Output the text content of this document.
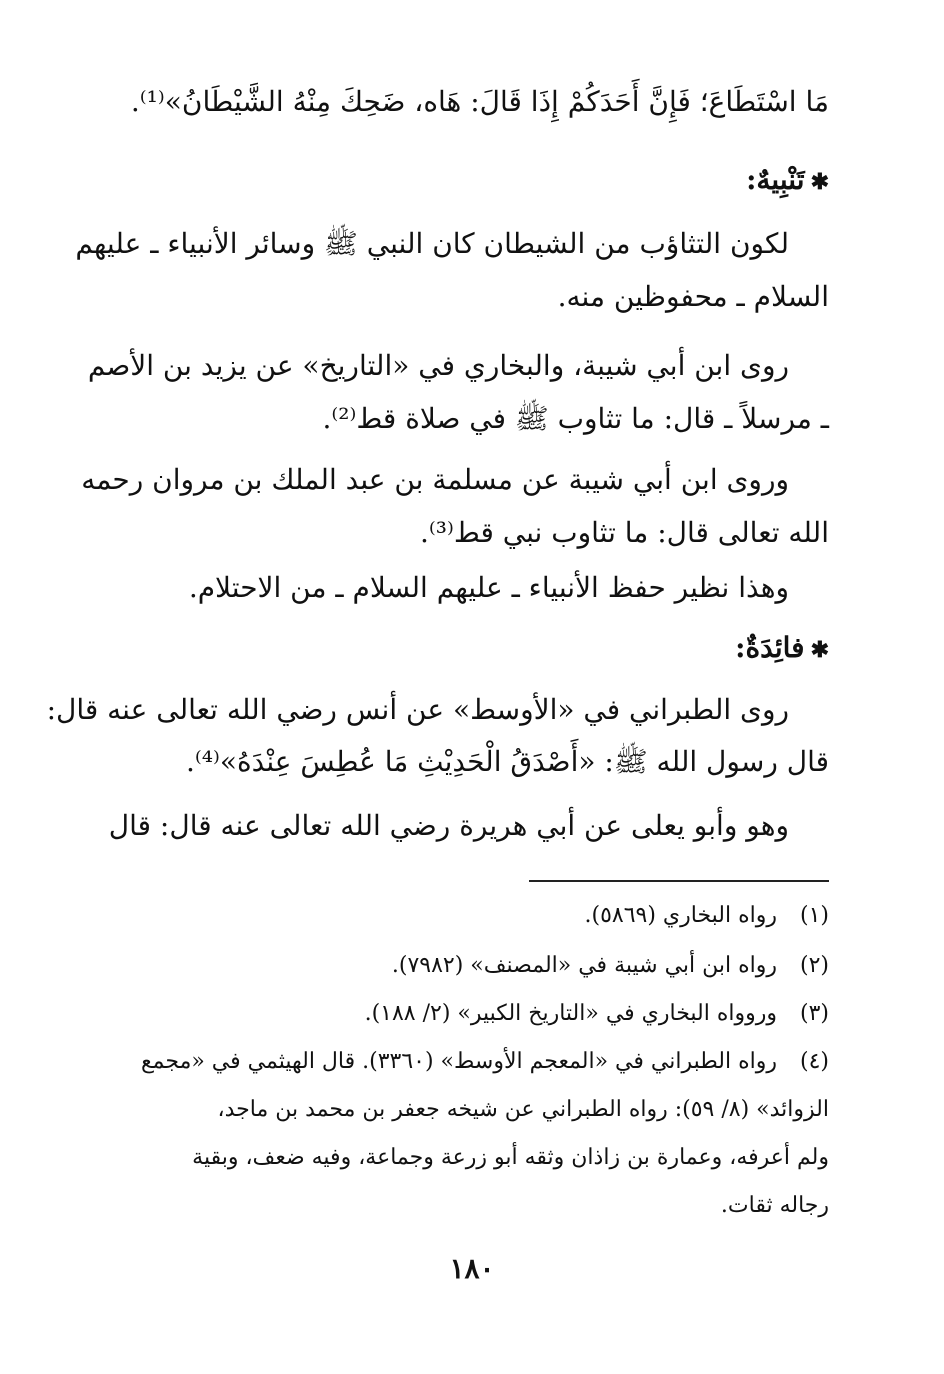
مَا اسْتَطَاعَ؛ فَإِنَّ أَحَدَكُمْ إِذَا قَالَ: هَاه، ضَحِكَ مِنْهُ الشَّيْطَانُ»⁽¹⁾.
✱تَنْبِيهٌ:
لكون التثاؤب من الشيطان كان النبي ﷺ وسائر الأنبياء ـ عليهم
السلام ـ محفوظين منه.
روى ابن أبي شيبة، والبخاري في «التاريخ» عن يزيد بن الأصم
ـ مرسلاً ـ قال: ما تثاوب ﷺ في صلاة قط⁽²⁾.
وروى ابن أبي شيبة عن مسلمة بن عبد الملك بن مروان رحمه
الله تعالى قال: ما تثاوب نبي قط⁽³⁾.
وهذا نظير حفظ الأنبياء ـ عليهم السلام ـ من الاحتلام.
✱فائِدَةٌ:
روى الطبراني في «الأوسط» عن أنس رضي الله تعالى عنه قال:
قال رسول الله ﷺ: «أَصْدَقُ الْحَدِيْثِ مَا عُطِسَ عِنْدَهُ»⁽⁴⁾.
وهو وأبو يعلى عن أبي هريرة رضي الله تعالى عنه قال: قال
(١)رواه البخاري (٥٨٦٩).
(٢)رواه ابن أبي شيبة في «المصنف» (٧٩٨٢).
(٣)وروواه البخاري في «التاريخ الكبير» (٢/ ١٨٨).
(٤)رواه الطبراني في «المعجم الأوسط» (٣٣٦٠). قال الهيثمي في «مجمع
الزوائد» (٨/ ٥٩): رواه الطبراني عن شيخه جعفر بن محمد بن ماجد،
ولم أعرفه، وعمارة بن زاذان وثقه أبو زرعة وجماعة، وفيه ضعف، وبقية
رجاله ثقات.
١٨٠
